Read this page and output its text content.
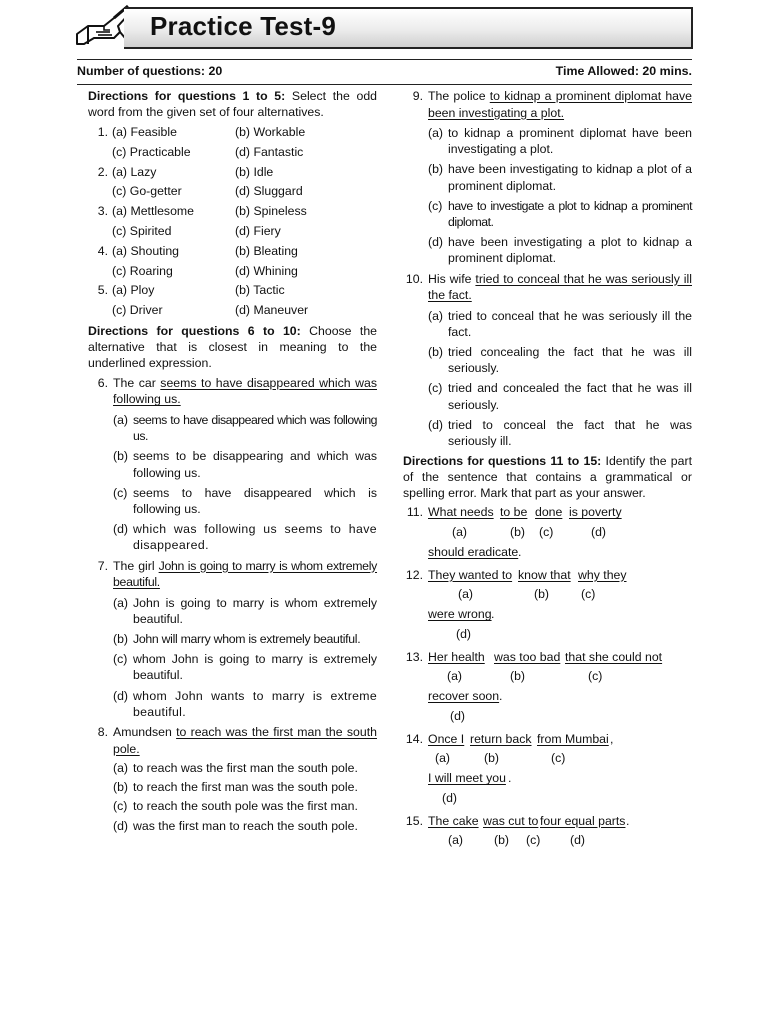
Practice Test-9
Number of questions: 20	Time Allowed: 20 mins.

Directions for questions 1 to 5: Select the odd word from the given set of four alternatives.

1. (a) Feasible	(b) Workable
(c) Practicable	(d) Fantastic
2. (a) Lazy	(b) Idle
(c) Go-getter	(d) Sluggard
3. (a) Mettlesome	(b) Spineless
(c) Spirited	(d) Fiery
4. (a) Shouting	(b) Bleating
(c) Roaring	(d) Whining
5. (a) Ploy	(b) Tactic
(c) Driver	(d) Maneuver

Directions for questions 6 to 10: Choose the alternative that is closest in meaning to the underlined expression.

6. The car seems to have disappeared which was following us.
(a) seems to have disappeared which was following us.
(b) seems to be disappearing and which was following us.
(c) seems to have disappeared which is following us.
(d) which was following us seems to have disappeared.
7. The girl John is going to marry is whom extremely beautiful.
(a) John is going to marry is whom extremely beautiful.
(b) John will marry whom is extremely beautiful.
(c) whom John is going to marry is extremely beautiful.
(d) whom John wants to marry is extreme beautiful.
8. Amundsen to reach was the first man the south pole.
(a) to reach was the first man the south pole.
(b) to reach the first man was the south pole.
(c) to reach the south pole was the first man.
(d) was the first man to reach the south pole.
9. The police to kidnap a prominent diplomat have been investigating a plot.
(a) to kidnap a prominent diplomat have been investigating a plot.
(b) have been investigating to kidnap a plot of a prominent diplomat.
(c) have to investigate a plot to kidnap a prominent diplomat.
(d) have been investigating a plot to kidnap a prominent diplomat.
10. His wife tried to conceal that he was seriously ill the fact.
(a) tried to conceal that he was seriously ill the fact.
(b) tried concealing the fact that he was ill seriously.
(c) tried and concealed the fact that he was ill seriously.
(d) tried to conceal the fact that he was seriously ill.

Directions for questions 11 to 15: Identify the part of the sentence that contains a grammatical or spelling error. Mark that part as your answer.

11. What needs to be done is poverty
(a)	(b) (c)	(d)
should eradicate .
12. They wanted to know that why they
(a)	(b)	(c)
were wrong .
(d)
13. Her health was too bad that she could not
(a)	(b)	(c)
recover soon .
(d)
14. Once I return back from Mumbai ,
(a)	(b)	(c)
I will meet you .
(d)
15. The cake was cut to four equal parts .
(a)	(b) (c) (d)
